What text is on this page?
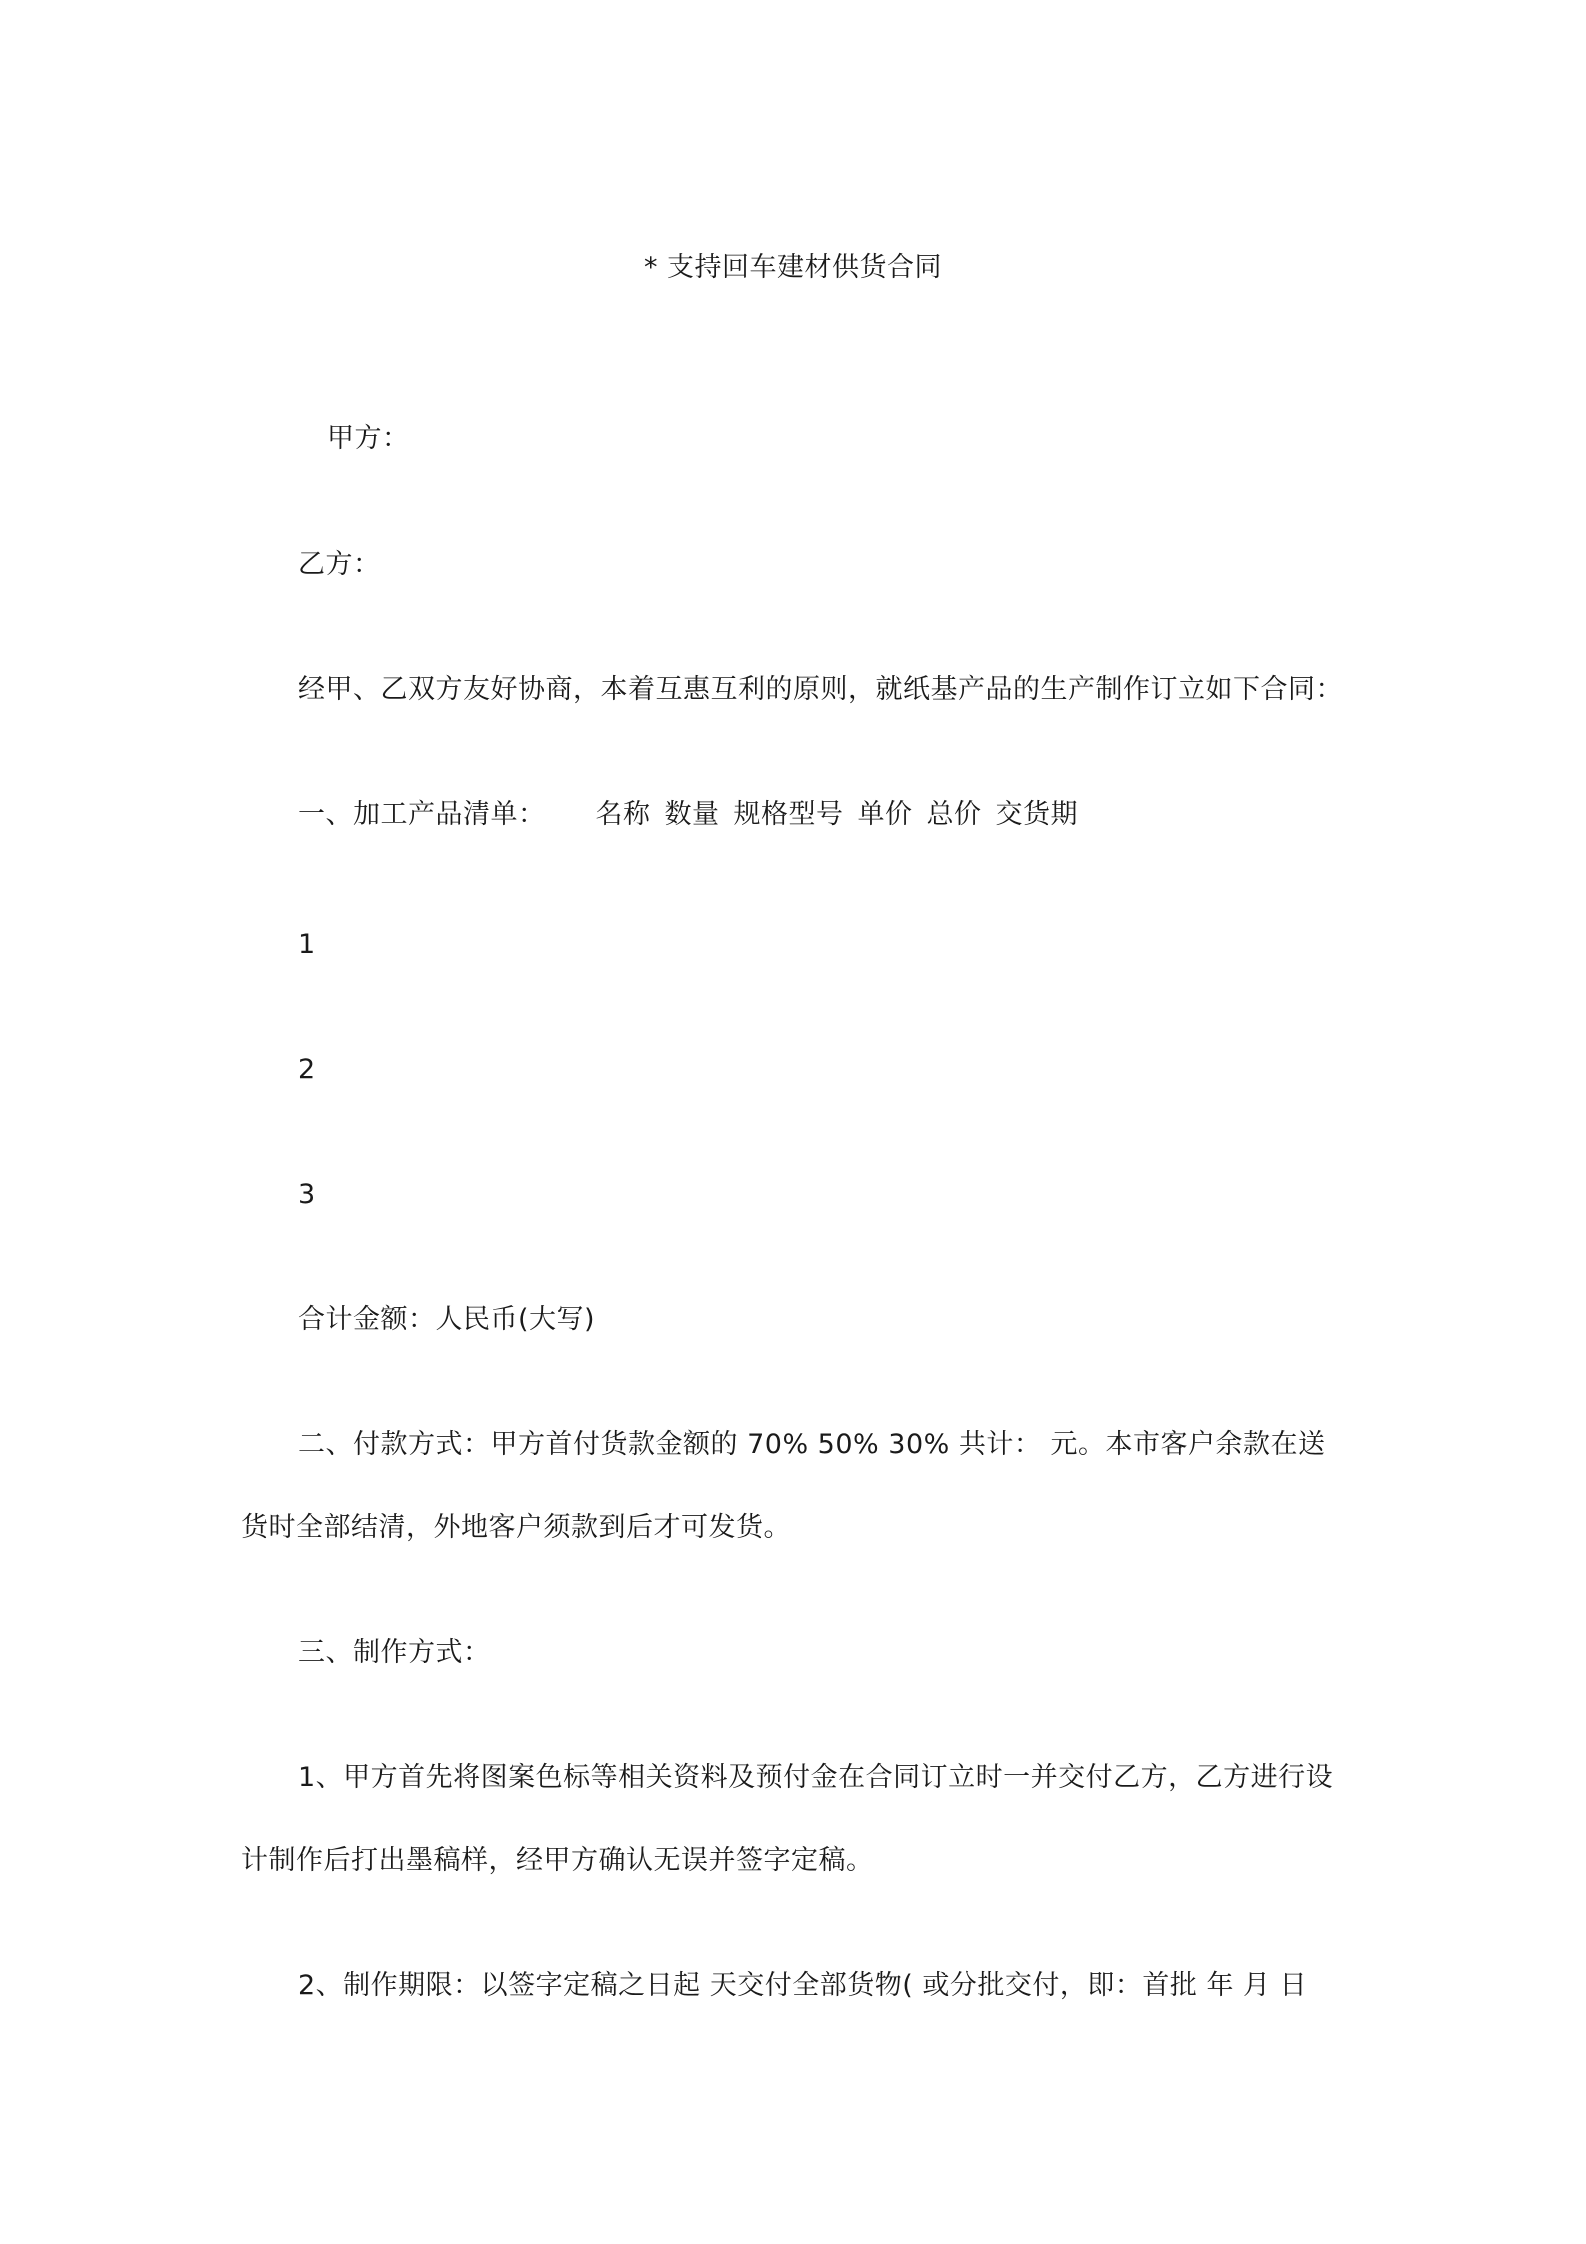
* 支持回车建材供货合同
甲方：
乙方：
经甲、乙双方友好协商，本着互惠互利的原则，就纸基产品的生产制作订立如下合同：
一、加工产品清单： 名称 数量 规格型号 单价 总价 交货期
1
2
3
合计金额：人民币(大写)
二、付款方式：甲方首付货款金额的 70% 50% 30% 共计： 元。本市客户余款在送
货时全部结清，外地客户须款到后才可发货。
三、制作方式：
1、甲方首先将图案色标等相关资料及预付金在合同订立时一并交付乙方，乙方进行设
计制作后打出墨稿样，经甲方确认无误并签字定稿。
2、制作期限：以签字定稿之日起 天交付全部货物( 或分批交付，即：首批 年 月 日
